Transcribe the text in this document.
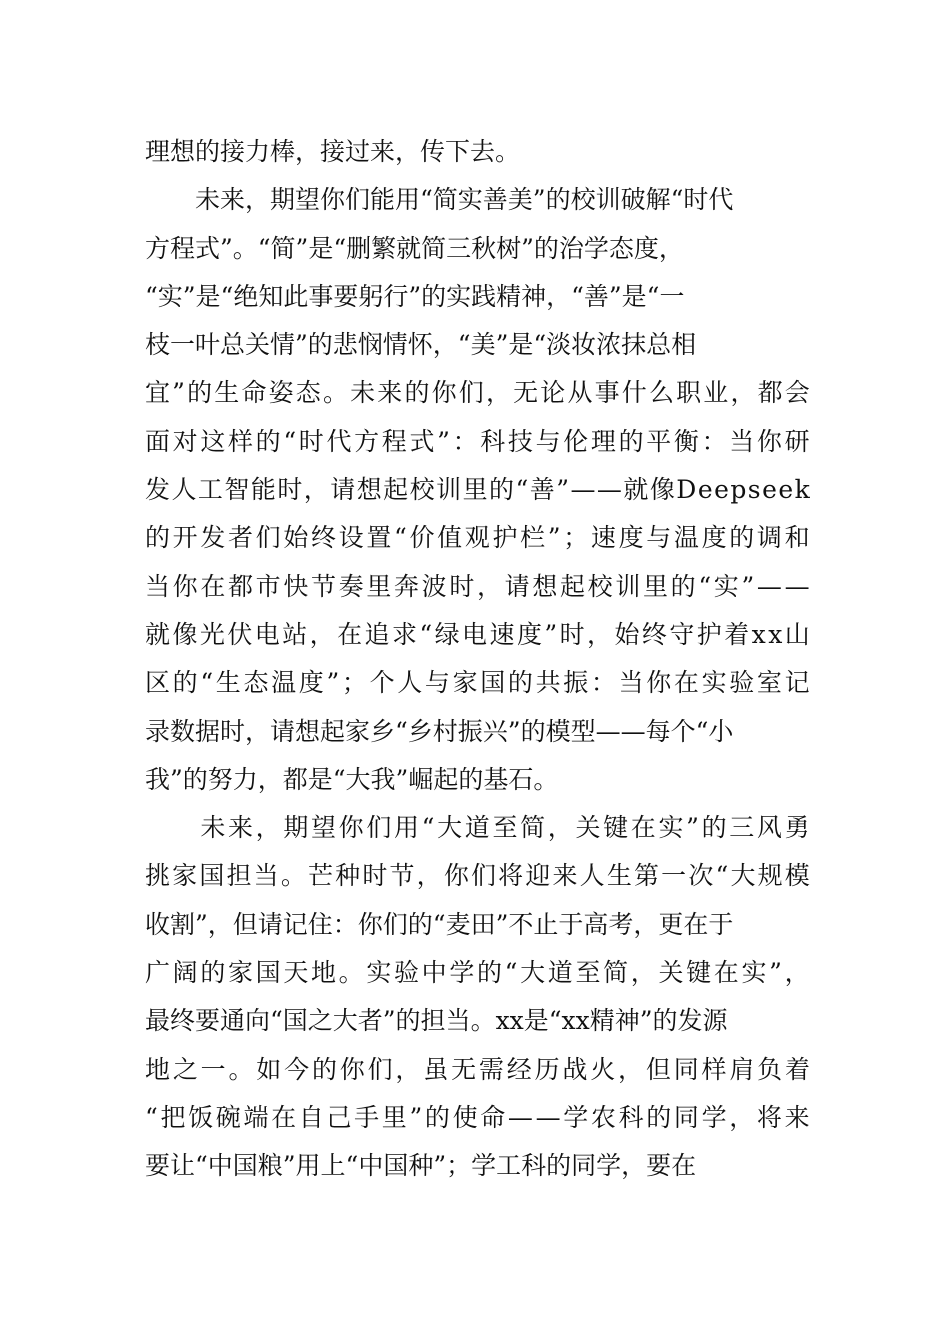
理想的接力棒，接过来，传下去。
　　未来，期望你们能用“简实善美”的校训破解“时代
方程式”。“简”是“删繁就简三秋树”的治学态度，
“实”是“绝知此事要躬行”的实践精神，“善”是“一
枝一叶总关情”的悲悯情怀，“美”是“淡妆浓抹总相
宜”的生命姿态。未来的你们，无论从事什么职业，都会
面对这样的“时代方程式”：科技与伦理的平衡：当你研
发人工智能时，请想起校训里的“善”——就像Deepseek
的开发者们始终设置“价值观护栏”；速度与温度的调和
当你在都市快节奏里奔波时，请想起校训里的“实”——
就像光伏电站，在追求“绿电速度”时，始终守护着xx山
区的“生态温度”；个人与家国的共振：当你在实验室记
录数据时，请想起家乡“乡村振兴”的模型——每个“小
我”的努力，都是“大我”崛起的基石。
　　未来，期望你们用“大道至简，关键在实”的三风勇
挑家国担当。芒种时节，你们将迎来人生第一次“大规模
收割”，但请记住：你们的“麦田”不止于高考，更在于
广阔的家国天地。实验中学的“大道至简，关键在实”，
最终要通向“国之大者”的担当。xx是“xx精神”的发源
地之一。如今的你们，虽无需经历战火，但同样肩负着
“把饭碗端在自己手里”的使命——学农科的同学，将来
要让“中国粮”用上“中国种”；学工科的同学，要在
